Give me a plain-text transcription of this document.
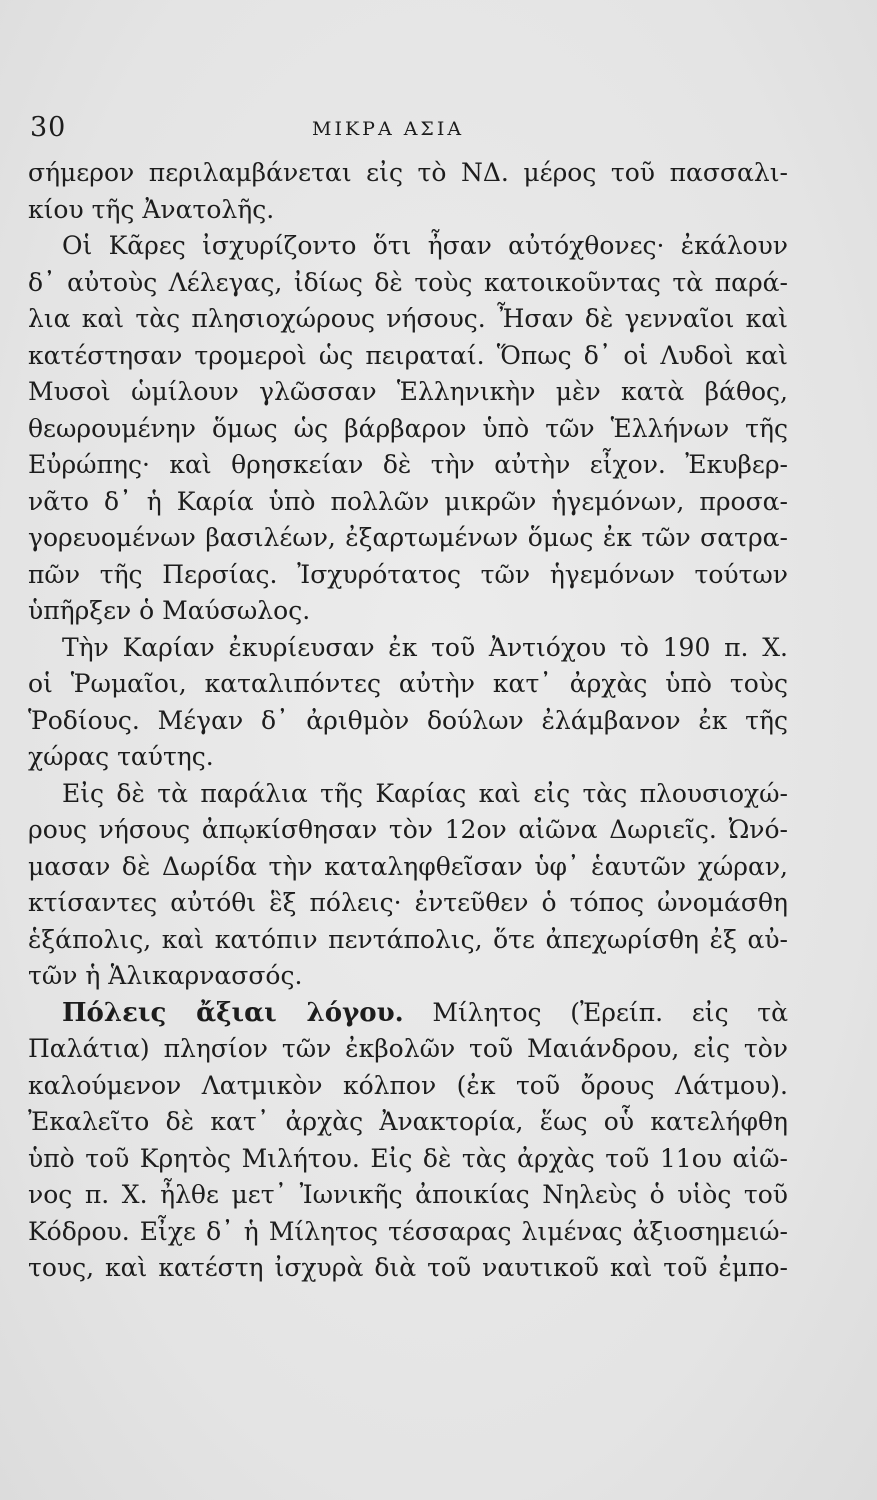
30	ΜΙΚΡΑ ΑΣΙΑ
σήμερον περιλαμβάνεται εἰς τὸ ΝΔ. μέρος τοῦ πασσαλι-
κίου τῆς Ἀνατολῆς.
Οἱ Κᾶρες ἰσχυρίζοντο ὅτι ἦσαν αὐτόχθονες· ἐκάλουν
δ᾽ αὐτοὺς Λέλεγας, ἰδίως δὲ τοὺς κατοικοῦντας τὰ παρά-
λια καὶ τὰς πλησιοχώρους νήσους. Ἦσαν δὲ γενναῖοι καὶ
κατέστησαν τρομεροὶ ὡς πειραταί. Ὅπως δ᾽ οἱ Λυδοὶ καὶ
Μυσοὶ ὡμίλουν γλῶσσαν Ἑλληνικὴν μὲν κατὰ βάθος,
θεωρουμένην ὅμως ὡς βάρβαρον ὑπὸ τῶν Ἑλλήνων τῆς
Εὐρώπης· καὶ θρησκείαν δὲ τὴν αὐτὴν εἶχον. Ἐκυβερ-
νᾶτο δ᾽ ἡ Καρία ὑπὸ πολλῶν μικρῶν ἡγεμόνων, προσα-
γορευομένων βασιλέων, ἐξαρτωμένων ὅμως ἐκ τῶν σατρα-
πῶν τῆς Περσίας. Ἰσχυρότατος τῶν ἡγεμόνων τούτων
ὑπῆρξεν ὁ Μαύσωλος.
Τὴν Καρίαν ἐκυρίευσαν ἐκ τοῦ Ἀντιόχου τὸ 190 π. Χ.
οἱ Ῥωμαῖοι, καταλιπόντες αὐτὴν κατ᾽ ἀρχὰς ὑπὸ τοὺς
Ῥοδίους. Μέγαν δ᾽ ἀριθμὸν δούλων ἐλάμβανον ἐκ τῆς
χώρας ταύτης.
Εἰς δὲ τὰ παράλια τῆς Καρίας καὶ εἰς τὰς πλουσιοχώ-
ρους νήσους ἀπῳκίσθησαν τὸν 12ον αἰῶνα Δωριεῖς. Ὠνό-
μασαν δὲ Δωρίδα τὴν καταληφθεῖσαν ὑφ᾽ ἑαυτῶν χώραν,
κτίσαντες αὐτόθι ἓξ πόλεις· ἐντεῦθεν ὁ τόπος ὠνομάσθη
ἑξάπολις, καὶ κατόπιν πεντάπολις, ὅτε ἀπεχωρίσθη ἐξ αὐ-
τῶν ἡ Ἁλικαρνασσός.
Πόλεις ἄξιαι λόγου. Μίλητος (Ἐρείπ. εἰς τὰ
Παλάτια) πλησίον τῶν ἐκβολῶν τοῦ Μαιάνδρου, εἰς τὸν
καλούμενον Λατμικὸν κόλπον (ἐκ τοῦ ὄρους Λάτμου).
Ἐκαλεῖτο δὲ κατ᾽ ἀρχὰς Ἀνακτορία, ἕως οὗ κατελήφθη
ὑπὸ τοῦ Κρητὸς Μιλήτου. Εἰς δὲ τὰς ἀρχὰς τοῦ 11ου αἰῶ-
νος π. Χ. ἦλθε μετ᾽ Ἰωνικῆς ἀποικίας Νηλεὺς ὁ υἱὸς τοῦ
Κόδρου. Εἶχε δ᾽ ἡ Μίλητος τέσσαρας λιμένας ἀξιοσημειώ-
τους, καὶ κατέστη ἰσχυρὰ διὰ τοῦ ναυτικοῦ καὶ τοῦ ἐμπο-
